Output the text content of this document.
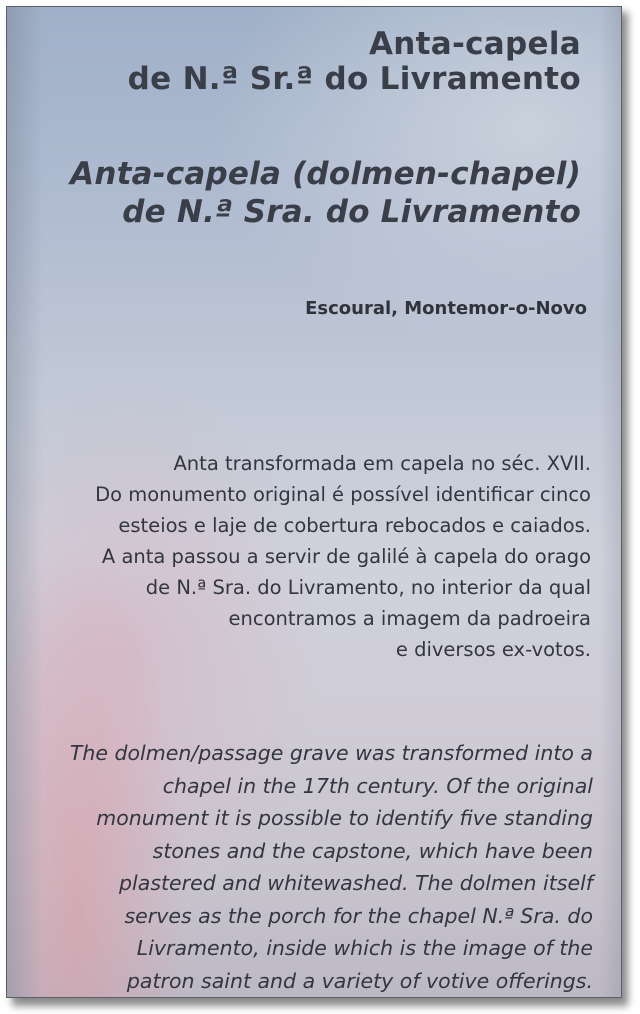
Anta-capela
de N.ª Sr.ª do Livramento
Anta-capela (dolmen-chapel)
de N.ª Sra. do Livramento
Escoural, Montemor-o-Novo
Anta transformada em capela no séc. XVII.
Do monumento original é possível identificar cinco
esteios e laje de cobertura rebocados e caiados.
A anta passou a servir de galilé à capela do orago
de N.ª Sra. do Livramento, no interior da qual
encontramos a imagem da padroeira
e diversos ex-votos.
The dolmen/passage grave was transformed into a
chapel in the 17th century. Of the original
monument it is possible to identify five standing
stones and the capstone, which have been
plastered and whitewashed. The dolmen itself
serves as the porch for the chapel N.ª Sra. do
Livramento, inside which is the image of the
patron saint and a variety of votive offerings.
